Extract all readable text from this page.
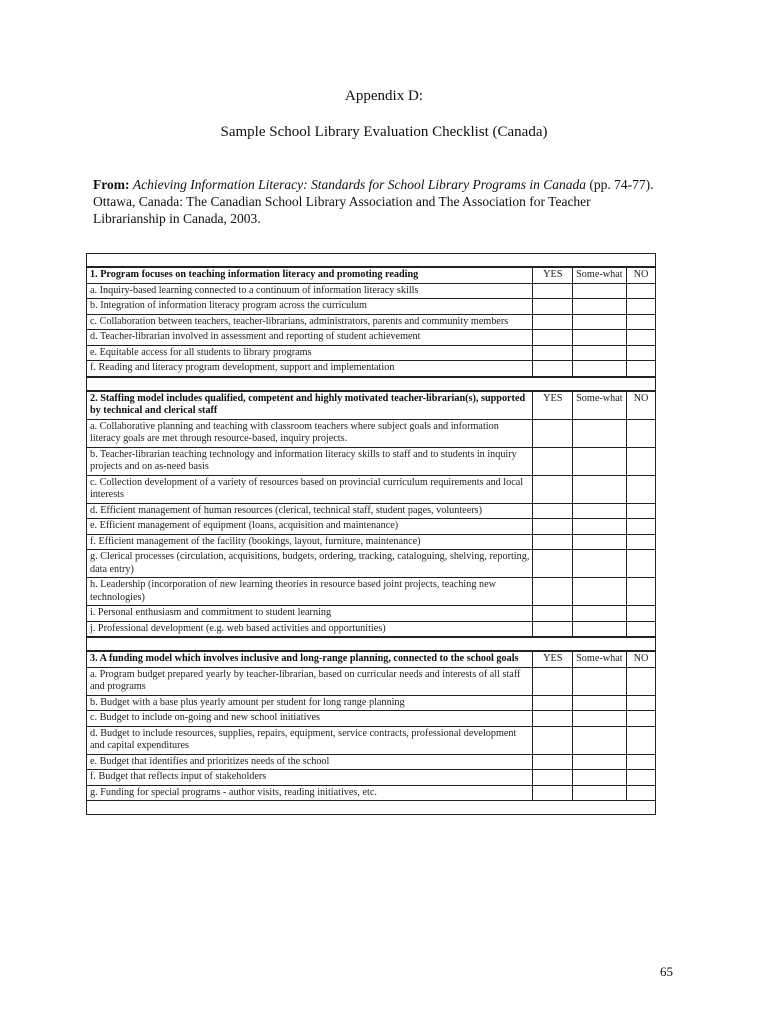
Appendix D:
Sample School Library Evaluation Checklist (Canada)
From: Achieving Information Literacy: Standards for School Library Programs in Canada (pp. 74-77). Ottawa, Canada: The Canadian School Library Association and The Association for Teacher Librarianship in Canada, 2003.
1. Program focuses on teaching information literacy and promoting reading	YES	Some-what	NO
a. Inquiry-based learning connected to a continuum of information literacy skills			
b. Integration of information literacy program across the curriculum			
c. Collaboration between teachers, teacher-librarians, administrators, parents and community members			
d. Teacher-librarian involved in assessment and reporting of student achievement			
e. Equitable access for all students to library programs			
f. Reading and literacy program development, support and implementation			
2. Staffing model includes qualified, competent and highly motivated teacher-librarian(s), supported by technical and clerical staff	YES	Some-what	NO
a. Collaborative planning and teaching with classroom teachers where subject goals and information literacy goals are met through resource-based, inquiry projects.			
b. Teacher-librarian teaching technology and information literacy skills to staff and to students in inquiry projects and on as-need basis			
c. Collection development of a variety of resources based on provincial curriculum requirements and local interests			
d. Efficient management of human resources (clerical, technical staff, student pages, volunteers)			
e. Efficient management of equipment (loans, acquisition and maintenance)			
f. Efficient management of the facility (bookings, layout, furniture, maintenance)			
g. Clerical processes (circulation, acquisitions, budgets, ordering, tracking, cataloguing, shelving, reporting, data entry)			
h. Leadership (incorporation of new learning theories in resource based joint projects, teaching new technologies)			
i. Personal enthusiasm and commitment to student learning			
j. Professional development (e.g. web based activities and opportunities)			
3. A funding model which involves inclusive and long-range planning, connected to the school goals	YES	Some-what	NO
a. Program budget prepared yearly by teacher-librarian, based on curricular needs and interests of all staff and programs			
b. Budget with a base plus yearly amount per student for long range planning			
c. Budget to include on-going and new school initiatives			
d. Budget to include resources, supplies, repairs, equipment, service contracts, professional development and capital expenditures			
e. Budget that identifies and prioritizes needs of the school			
f. Budget that reflects input of stakeholders			
g. Funding for special programs - author visits, reading initiatives, etc.			
65
